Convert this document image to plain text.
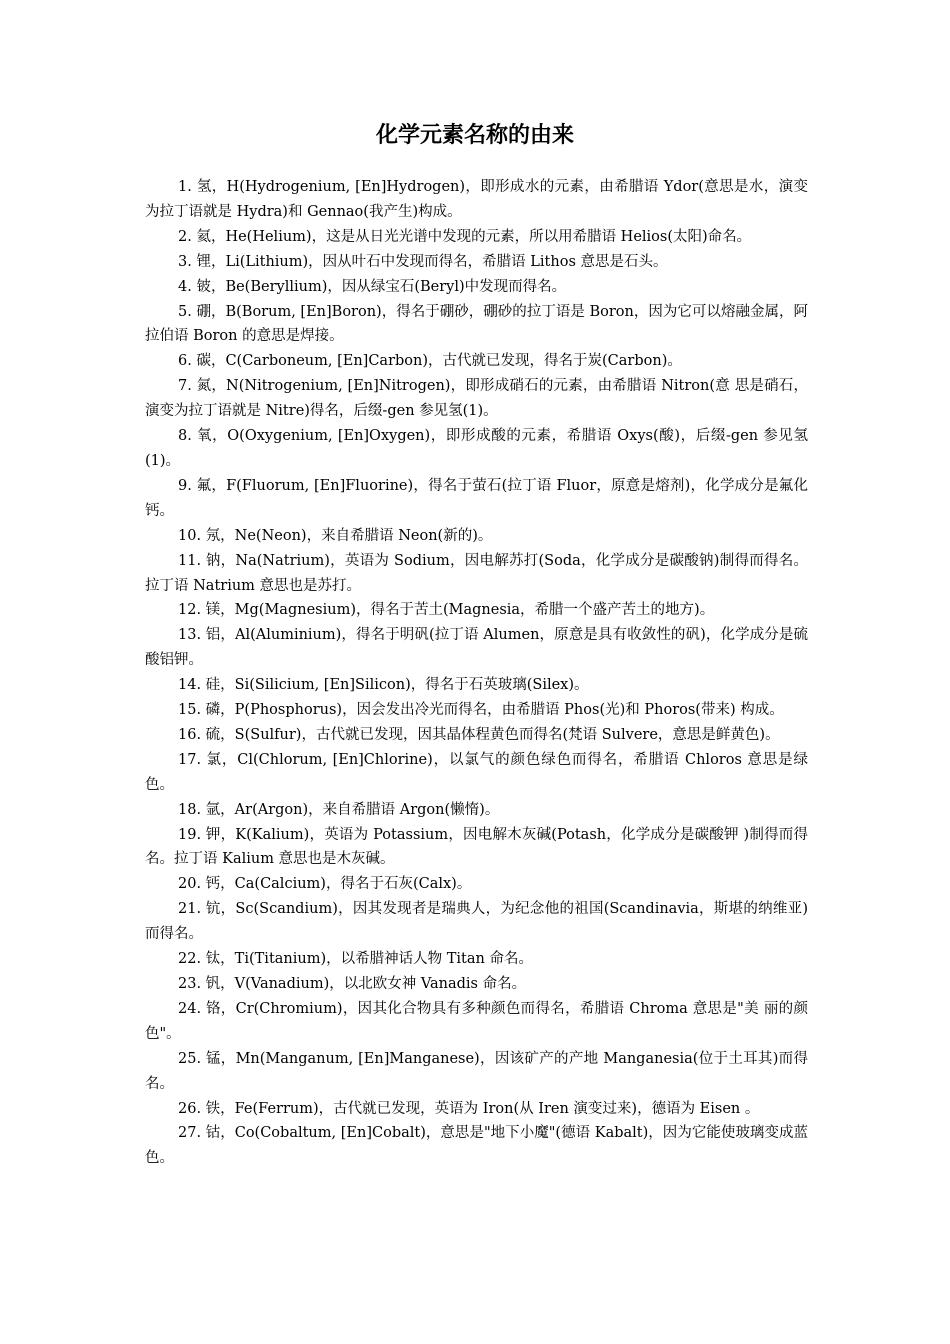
化学元素名称的由来

1. 氢，H(Hydrogenium, [En]Hydrogen)，即形成水的元素，由希腊语 Ydor(意思是水，演变为拉丁语就是 Hydra)和 Gennao(我产生)构成。

2. 氦，He(Helium)，这是从日光光谱中发现的元素，所以用希腊语 Helios(太阳)命名。

3. 锂，Li(Lithium)，因从叶石中发现而得名，希腊语 Lithos 意思是石头。

4. 铍，Be(Beryllium)，因从绿宝石(Beryl)中发现而得名。

5. 硼，B(Borum, [En]Boron)，得名于硼砂，硼砂的拉丁语是 Boron，因为它可以熔融金属，阿拉伯语 Boron 的意思是焊接。

6. 碳，C(Carboneum, [En]Carbon)，古代就已发现，得名于炭(Carbon)。

7. 氮，N(Nitrogenium, [En]Nitrogen)，即形成硝石的元素，由希腊语 Nitron(意 思是硝石，演变为拉丁语就是 Nitre)得名，后缀-gen 参见氢(1)。

8. 氧，O(Oxygenium, [En]Oxygen)，即形成酸的元素，希腊语 Oxys(酸)，后缀-gen 参见氢(1)。

9. 氟，F(Fluorum, [En]Fluorine)，得名于萤石(拉丁语 Fluor，原意是熔剂)，化学成分是氟化钙。

10. 氖，Ne(Neon)，来自希腊语 Neon(新的)。

11. 钠，Na(Natrium)，英语为 Sodium，因电解苏打(Soda，化学成分是碳酸钠)制得而得名。拉丁语 Natrium 意思也是苏打。

12. 镁，Mg(Magnesium)，得名于苦土(Magnesia，希腊一个盛产苦土的地方)。

13. 铝，Al(Aluminium)，得名于明矾(拉丁语 Alumen，原意是具有收敛性的矾)，化学成分是硫酸铝钾。

14. 硅，Si(Silicium, [En]Silicon)，得名于石英玻璃(Silex)。

15. 磷，P(Phosphorus)，因会发出冷光而得名，由希腊语 Phos(光)和 Phoros(带来) 构成。

16. 硫，S(Sulfur)，古代就已发现，因其晶体程黄色而得名(梵语 Sulvere，意思是鲜黄色)。

17. 氯，Cl(Chlorum, [En]Chlorine)，以氯气的颜色绿色而得名，希腊语 Chloros 意思是绿色。

18. 氩，Ar(Argon)，来自希腊语 Argon(懒惰)。

19. 钾，K(Kalium)，英语为 Potassium，因电解木灰碱(Potash，化学成分是碳酸钾 )制得而得名。拉丁语 Kalium 意思也是木灰碱。

20. 钙，Ca(Calcium)，得名于石灰(Calx)。

21. 钪，Sc(Scandium)，因其发现者是瑞典人，为纪念他的祖国(Scandinavia，斯堪的纳维亚)而得名。

22. 钛，Ti(Titanium)，以希腊神话人物 Titan 命名。

23. 钒，V(Vanadium)，以北欧女神 Vanadis 命名。

24. 铬，Cr(Chromium)，因其化合物具有多种颜色而得名，希腊语 Chroma 意思是"美 丽的颜色"。

25. 锰，Mn(Manganum, [En]Manganese)，因该矿产的产地 Manganesia(位于土耳其)而得名。

26. 铁，Fe(Ferrum)，古代就已发现，英语为 Iron(从 Iren 演变过来)，德语为 Eisen 。

27. 钴，Co(Cobaltum, [En]Cobalt)，意思是"地下小魔"(德语 Kabalt)，因为它能使玻璃变成蓝色。
